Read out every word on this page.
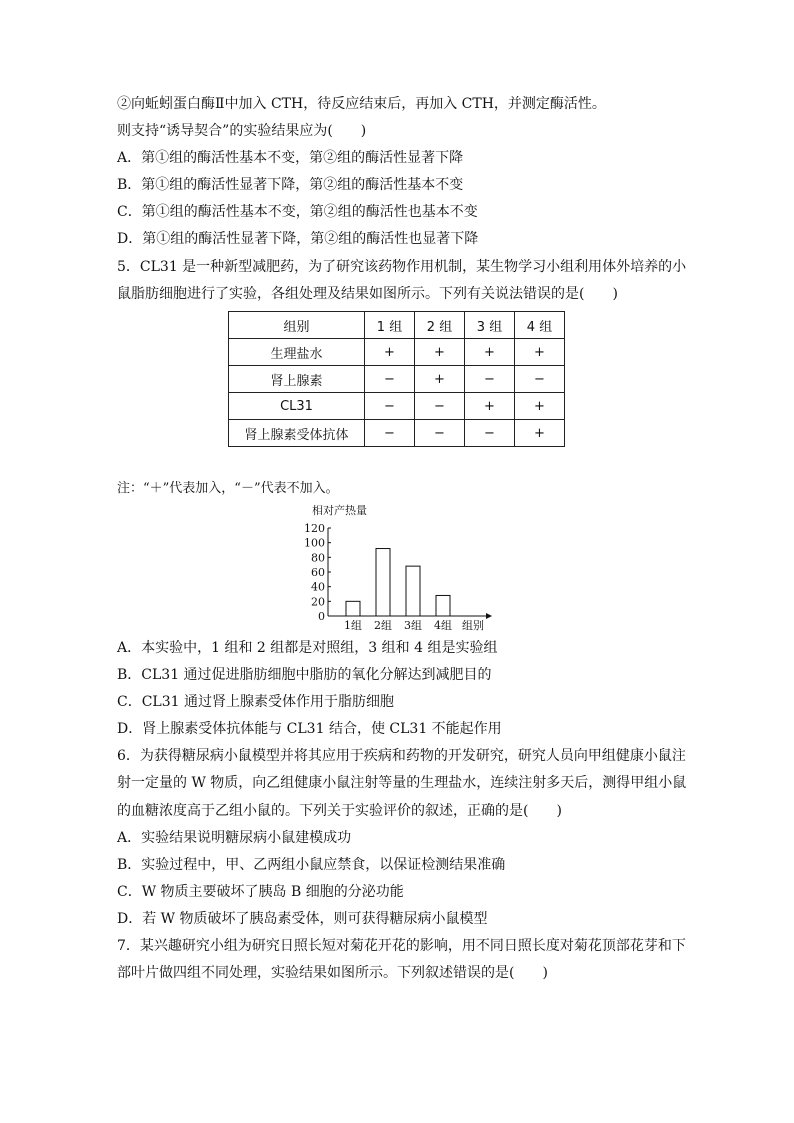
②向蚯蚓蛋白酶Ⅱ中加入 CTH，待反应结束后，再加入 CTH，并测定酶活性。
则支持“诱导契合”的实验结果应为(　　)
A．第①组的酶活性基本不变，第②组的酶活性显著下降
B．第①组的酶活性显著下降，第②组的酶活性基本不变
C．第①组的酶活性基本不变，第②组的酶活性也基本不变
D．第①组的酶活性显著下降，第②组的酶活性也显著下降
5．CL31 是一种新型减肥药，为了研究该药物作用机制，某生物学习小组利用体外培养的小
鼠脂肪细胞进行了实验，各组处理及结果如图所示。下列有关说法错误的是(　　)
组别	1 组	2 组	3 组	4 组
生理盐水	+	+	+	+
肾上腺素	−	+	−	−
CL31	−	−	+	+
肾上腺素受体抗体	−	−	−	+
注：“＋”代表加入，“－”代表不加入。
相对产热量
0
20
40
60
80
100
120
1组 2组 3组 4组 组别
A．本实验中，1 组和 2 组都是对照组，3 组和 4 组是实验组
B．CL31 通过促进脂肪细胞中脂肪的氧化分解达到减肥目的
C．CL31 通过肾上腺素受体作用于脂肪细胞
D．肾上腺素受体抗体能与 CL31 结合，使 CL31 不能起作用
6．为获得糖尿病小鼠模型并将其应用于疾病和药物的开发研究，研究人员向甲组健康小鼠注
射一定量的 W 物质，向乙组健康小鼠注射等量的生理盐水，连续注射多天后，测得甲组小鼠
的血糖浓度高于乙组小鼠的。下列关于实验评价的叙述，正确的是(　　)
A．实验结果说明糖尿病小鼠建模成功
B．实验过程中，甲、乙两组小鼠应禁食，以保证检测结果准确
C．W 物质主要破坏了胰岛 B 细胞的分泌功能
D．若 W 物质破坏了胰岛素受体，则可获得糖尿病小鼠模型
7．某兴趣研究小组为研究日照长短对菊花开花的影响，用不同日照长度对菊花顶部花芽和下
部叶片做四组不同处理，实验结果如图所示。下列叙述错误的是(　　)
